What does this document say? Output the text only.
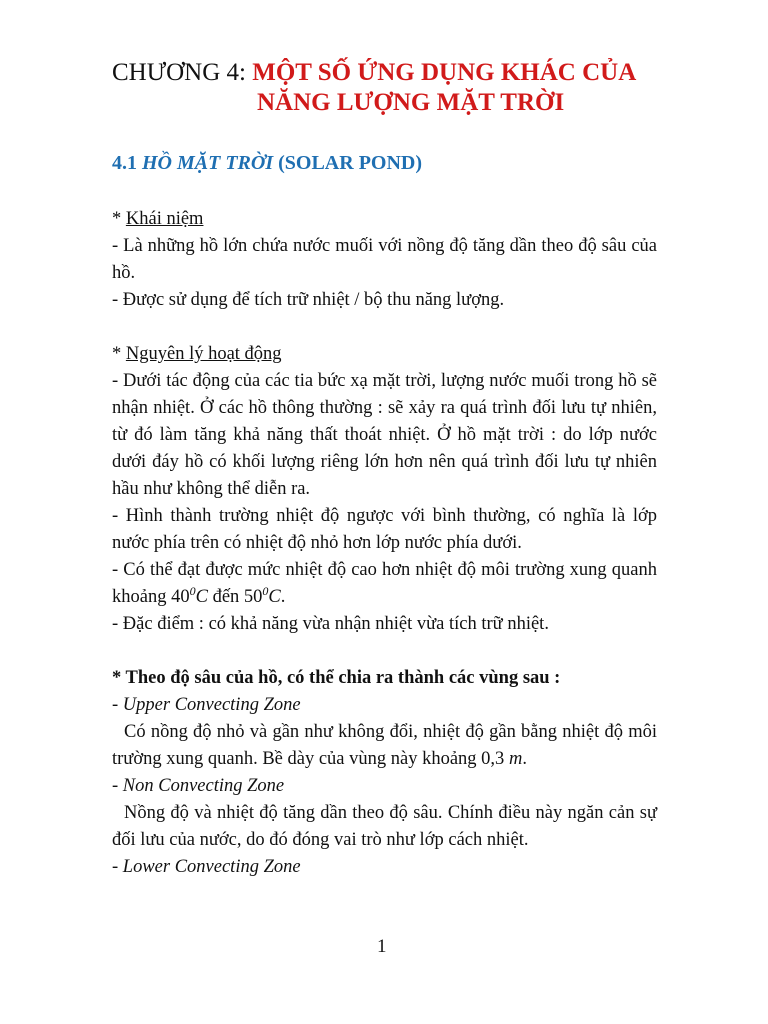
CHƯƠNG 4: MỘT SỐ ỨNG DỤNG KHÁC CỦA
NĂNG LƯỢNG MẶT TRỜI
4.1 HỒ MẶT TRỜI (SOLAR POND)

* Khái niệm

- Là những hồ lớn chứa nước muối với nồng độ tăng dần theo độ sâu của hồ.

- Được sử dụng để tích trữ nhiệt / bộ thu năng lượng.

* Nguyên lý hoạt động

- Dưới tác động của các tia bức xạ mặt trời, lượng nước muối trong hồ sẽ nhận nhiệt. Ở các hồ thông thường : sẽ xảy ra quá trình đối lưu tự nhiên, từ đó làm tăng khả năng thất thoát nhiệt. Ở hồ mặt trời : do lớp nước dưới đáy hồ có khối lượng riêng lớn hơn nên quá trình đối lưu tự nhiên hầu như không thể diễn ra.

- Hình thành trường nhiệt độ ngược với bình thường, có nghĩa là lớp nước phía trên có nhiệt độ nhỏ hơn lớp nước phía dưới.

- Có thể đạt được mức nhiệt độ cao hơn nhiệt độ môi trường xung quanh khoảng $40^0C$ đến $50^0C$.

- Đặc điểm : có khả năng vừa nhận nhiệt vừa tích trữ nhiệt.

* Theo độ sâu của hồ, có thể chia ra thành các vùng sau :

- Upper Convecting Zone

Có nồng độ nhỏ và gần như không đổi, nhiệt độ gần bằng nhiệt độ môi trường xung quanh. Bề dày của vùng này khoảng 0,3 m.

- Non Convecting Zone

Nồng độ và nhiệt độ tăng dần theo độ sâu. Chính điều này ngăn cản sự đối lưu của nước, do đó đóng vai trò như lớp cách nhiệt.

- Lower Convecting Zone

1
